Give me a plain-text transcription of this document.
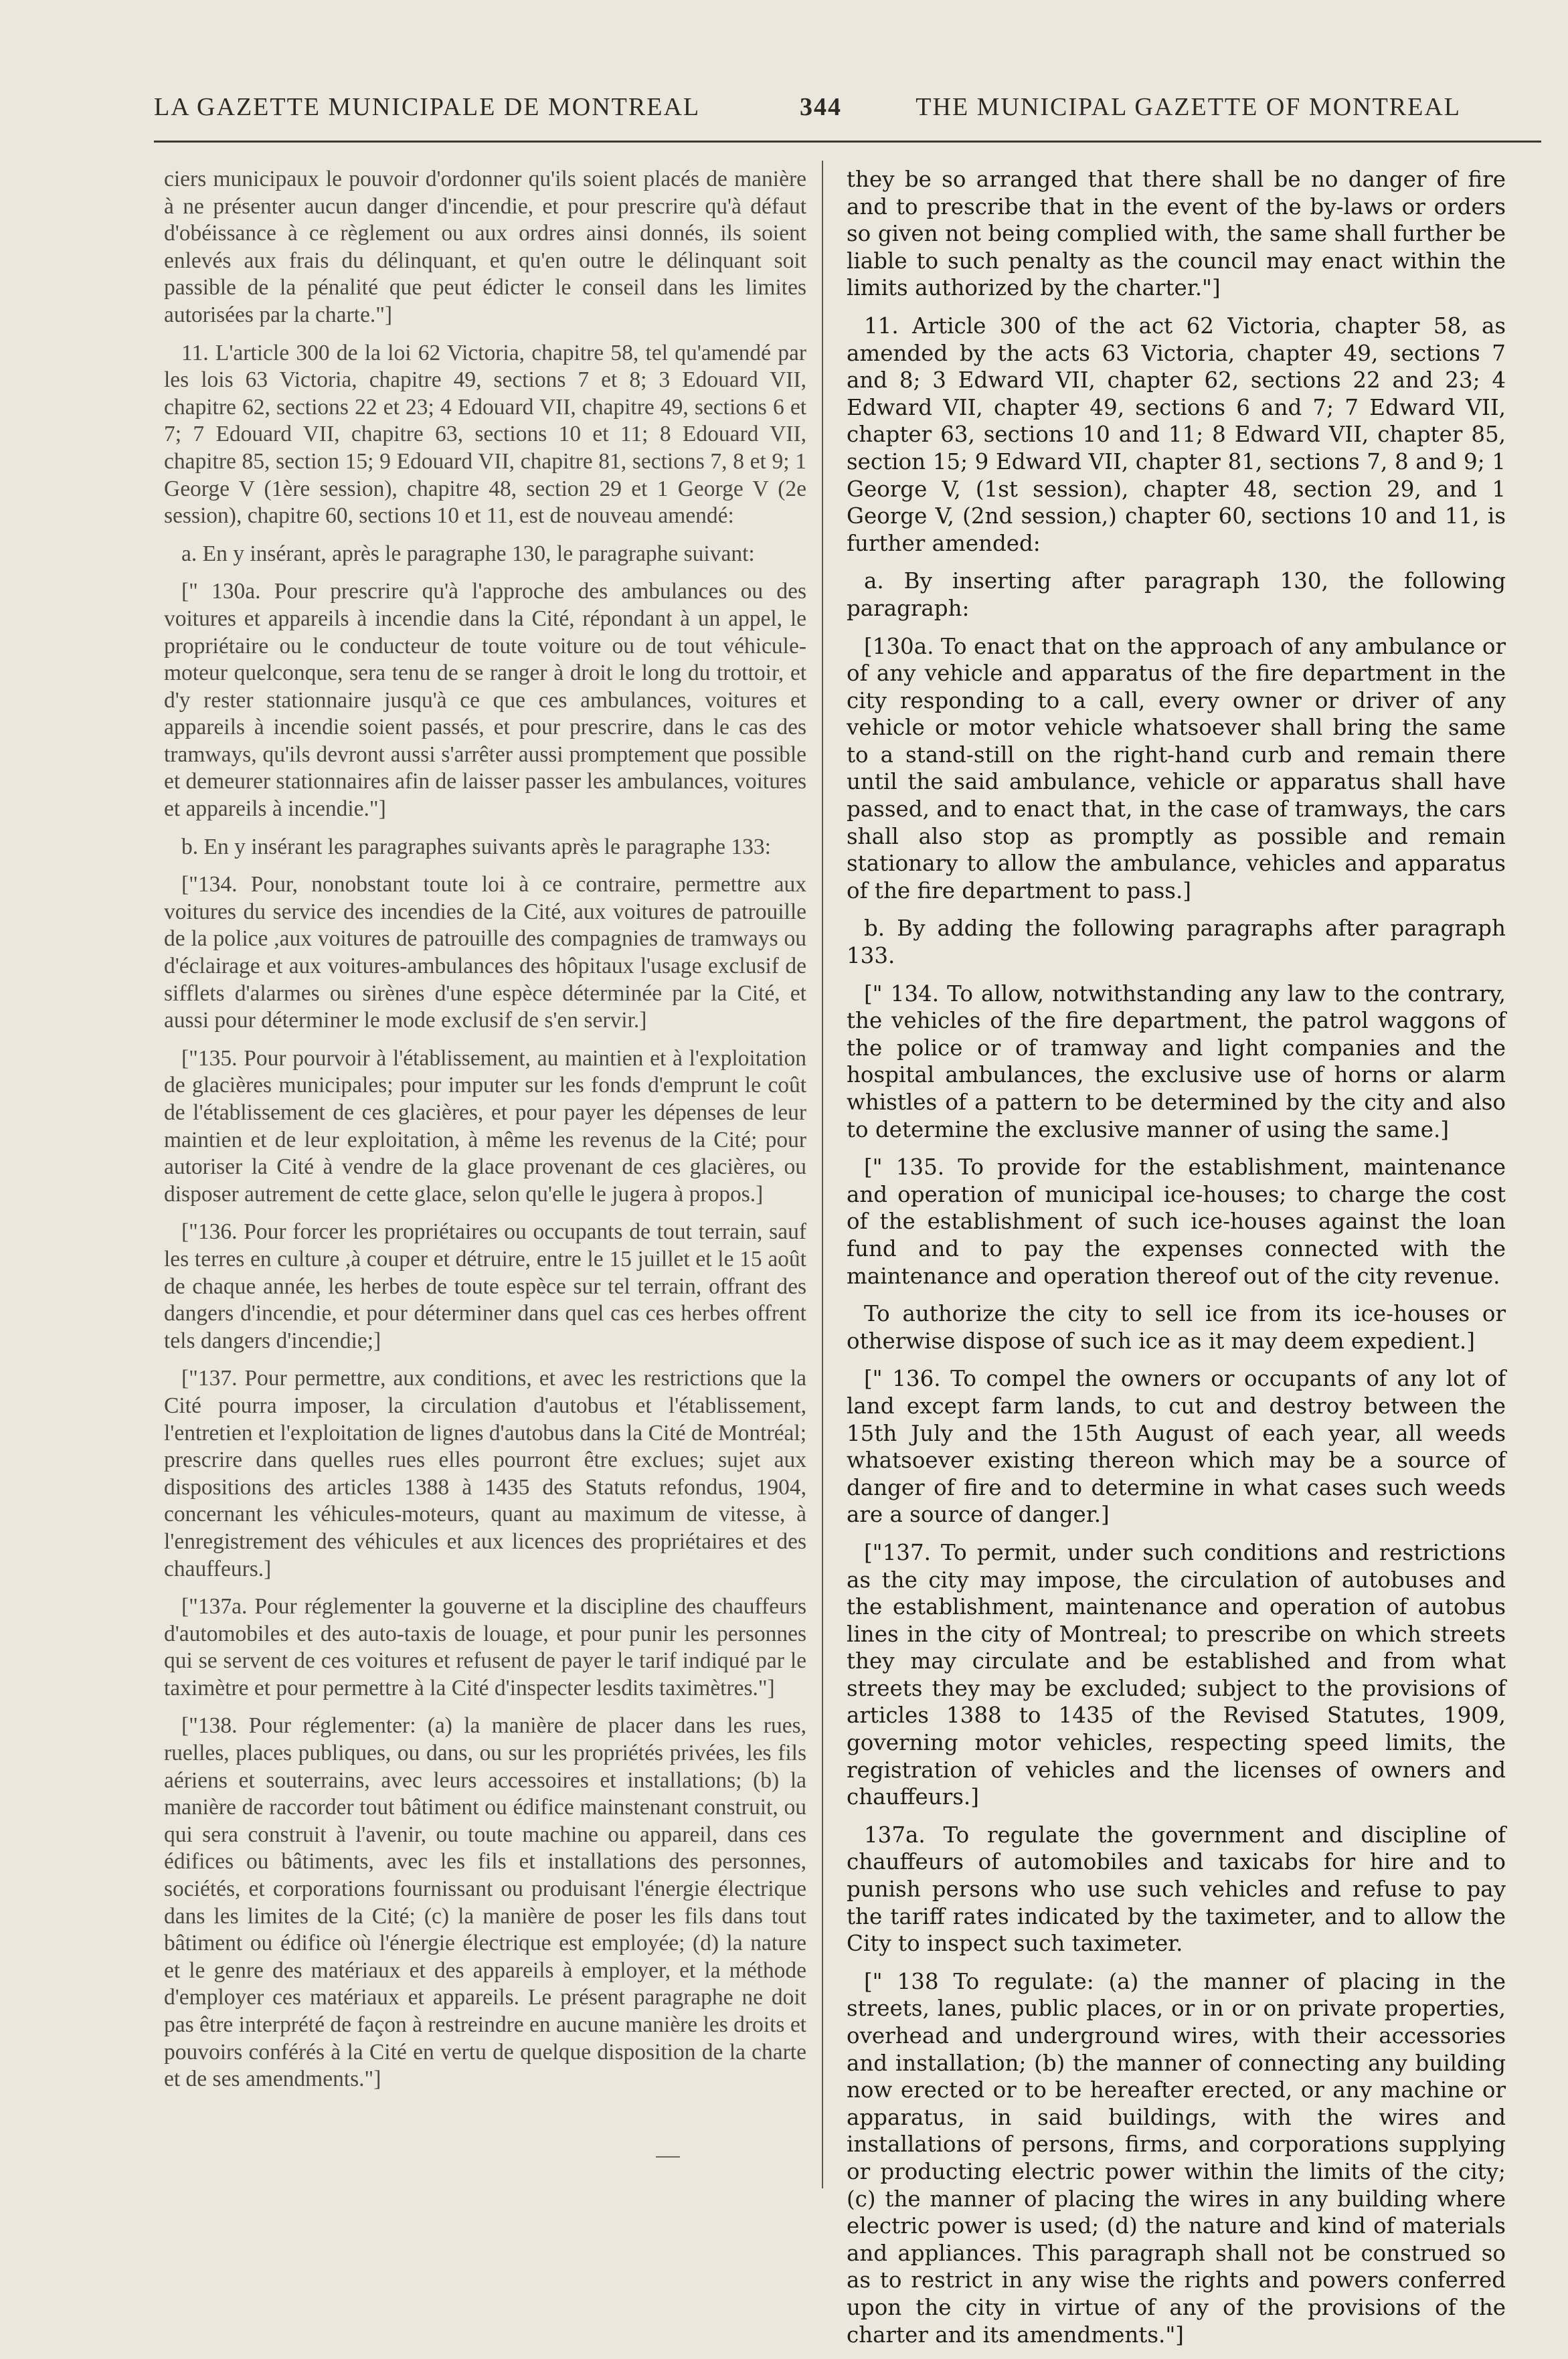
LA GAZETTE MUNICIPALE DE MONTREAL	344	THE MUNICIPAL GAZETTE OF MONTREAL

ciers municipaux le pouvoir d'ordonner qu'ils soient placés de manière à ne présenter aucun danger d'incendie, et pour prescrire qu'à défaut d'obéissance à ce règlement ou aux ordres ainsi donnés, ils soient enlevés aux frais du délinquant, et qu'en outre le délinquant soit passible de la pénalité que peut édicter le conseil dans les limites autorisées par la charte."]

11. L'article 300 de la loi 62 Victoria, chapitre 58, tel qu'amendé par les lois 63 Victoria, chapitre 49, sections 7 et 8; 3 Edouard VII, chapitre 62, sections 22 et 23; 4 Edouard VII, chapitre 49, sections 6 et 7; 7 Edouard VII, chapitre 63, sections 10 et 11; 8 Edouard VII, chapitre 85, section 15; 9 Edouard VII, chapitre 81, sections 7, 8 et 9; 1 George V (1ère session), chapitre 48, section 29 et 1 George V (2e session), chapitre 60, sections 10 et 11, est de nouveau amendé:

a. En y insérant, après le paragraphe 130, le paragraphe suivant:

[" 130a. Pour prescrire qu'à l'approche des ambulances ou des voitures et appareils à incendie dans la Cité, répondant à un appel, le propriétaire ou le conducteur de toute voiture ou de tout véhicule-moteur quelconque, sera tenu de se ranger à droit le long du trottoir, et d'y rester stationnaire jusqu'à ce que ces ambulances, voitures et appareils à incendie soient passés, et pour prescrire, dans le cas des tramways, qu'ils devront aussi s'arrêter aussi promptement que possible et demeurer stationnaires afin de laisser passer les ambulances, voitures et appareils à incendie."]

b. En y insérant les paragraphes suivants après le paragraphe 133:

["134. Pour, nonobstant toute loi à ce contraire, permettre aux voitures du service des incendies de la Cité, aux voitures de patrouille de la police ,aux voitures de patrouille des compagnies de tramways ou d'éclairage et aux voitures-ambulances des hôpitaux l'usage exclusif de sifflets d'alarmes ou sirènes d'une espèce déterminée par la Cité, et aussi pour déterminer le mode exclusif de s'en servir.]

["135. Pour pourvoir à l'établissement, au maintien et à l'exploitation de glacières municipales; pour imputer sur les fonds d'emprunt le coût de l'établissement de ces glacières, et pour payer les dépenses de leur maintien et de leur exploitation, à même les revenus de la Cité; pour autoriser la Cité à vendre de la glace provenant de ces glacières, ou disposer autrement de cette glace, selon qu'elle le jugera à propos.]

["136. Pour forcer les propriétaires ou occupants de tout terrain, sauf les terres en culture ,à couper et détruire, entre le 15 juillet et le 15 août de chaque année, les herbes de toute espèce sur tel terrain, offrant des dangers d'incendie, et pour déterminer dans quel cas ces herbes offrent tels dangers d'incendie;]

["137. Pour permettre, aux conditions, et avec les restrictions que la Cité pourra imposer, la circulation d'autobus et l'établissement, l'entretien et l'exploitation de lignes d'autobus dans la Cité de Montréal; prescrire dans quelles rues elles pourront être exclues; sujet aux dispositions des articles 1388 à 1435 des Statuts refondus, 1904, concernant les véhicules-moteurs, quant au maximum de vitesse, à l'enregistrement des véhicules et aux licences des propriétaires et des chauffeurs.]

["137a. Pour réglementer la gouverne et la discipline des chauffeurs d'automobiles et des auto-taxis de louage, et pour punir les personnes qui se servent de ces voitures et refusent de payer le tarif indiqué par le taximètre et pour permettre à la Cité d'inspecter lesdits taximètres."]

["138. Pour réglementer: (a) la manière de placer dans les rues, ruelles, places publiques, ou dans, ou sur les propriétés privées, les fils aériens et souterrains, avec leurs accessoires et installations; (b) la manière de raccorder tout bâtiment ou édifice mainstenant construit, ou qui sera construit à l'avenir, ou toute machine ou appareil, dans ces édifices ou bâtiments, avec les fils et installations des personnes, sociétés, et corporations fournissant ou produisant l'énergie électrique dans les limites de la Cité; (c) la manière de poser les fils dans tout bâtiment ou édifice où l'énergie électrique est employée; (d) la nature et le genre des matériaux et des appareils à employer, et la méthode d'employer ces matériaux et appareils. Le présent paragraphe ne doit pas être interprété de façon à restreindre en aucune manière les droits et pouvoirs conférés à la Cité en vertu de quelque disposition de la charte et de ses amendments."]

they be so arranged that there shall be no danger of fire and to prescribe that in the event of the by-laws or orders so given not being complied with, the same shall further be liable to such penalty as the council may enact within the limits authorized by the charter."]

11. Article 300 of the act 62 Victoria, chapter 58, as amended by the acts 63 Victoria, chapter 49, sections 7 and 8; 3 Edward VII, chapter 62, sections 22 and 23; 4 Edward VII, chapter 49, sections 6 and 7; 7 Edward VII, chapter 63, sections 10 and 11; 8 Edward VII, chapter 85, section 15; 9 Edward VII, chapter 81, sections 7, 8 and 9; 1 George V, (1st session), chapter 48, section 29, and 1 George V, (2nd session,) chapter 60, sections 10 and 11, is further amended:

a. By inserting after paragraph 130, the following paragraph:

[130a. To enact that on the approach of any ambulance or of any vehicle and apparatus of the fire department in the city responding to a call, every owner or driver of any vehicle or motor vehicle whatsoever shall bring the same to a stand-still on the right-hand curb and remain there until the said ambulance, vehicle or apparatus shall have passed, and to enact that, in the case of tramways, the cars shall also stop as promptly as possible and remain stationary to allow the ambulance, vehicles and apparatus of the fire department to pass.]

b. By adding the following paragraphs after paragraph 133.

[" 134. To allow, notwithstanding any law to the contrary, the vehicles of the fire department, the patrol waggons of the police or of tramway and light companies and the hospital ambulances, the exclusive use of horns or alarm whistles of a pattern to be determined by the city and also to determine the exclusive manner of using the same.]

[" 135. To provide for the establishment, maintenance and operation of municipal ice-houses; to charge the cost of the establishment of such ice-houses against the loan fund and to pay the expenses connected with the maintenance and operation thereof out of the city revenue.

To authorize the city to sell ice from its ice-houses or otherwise dispose of such ice as it may deem expedient.]

[" 136. To compel the owners or occupants of any lot of land except farm lands, to cut and destroy between the 15th July and the 15th August of each year, all weeds whatsoever existing thereon which may be a source of danger of fire and to determine in what cases such weeds are a source of danger.]

["137. To permit, under such conditions and restrictions as the city may impose, the circulation of autobuses and the establishment, maintenance and operation of autobus lines in the city of Montreal; to prescribe on which streets they may circulate and be established and from what streets they may be excluded; subject to the provisions of articles 1388 to 1435 of the Revised Statutes, 1909, governing motor vehicles, respecting speed limits, the registration of vehicles and the licenses of owners and chauffeurs.]

137a. To regulate the government and discipline of chauffeurs of automobiles and taxicabs for hire and to punish persons who use such vehicles and refuse to pay the tariff rates indicated by the taximeter, and to allow the City to inspect such taximeter.

[" 138 To regulate: (a) the manner of placing in the streets, lanes, public places, or in or on private properties, overhead and underground wires, with their accessories and installation; (b) the manner of connecting any building now erected or to be hereafter erected, or any machine or apparatus, in said buildings, with the wires and installations of persons, firms, and corporations supplying or producting electric power within the limits of the city; (c) the manner of placing the wires in any building where electric power is used; (d) the nature and kind of materials and appliances. This paragraph shall not be construed so as to restrict in any wise the rights and powers conferred upon the city in virtue of any of the provisions of the charter and its amendments."]
